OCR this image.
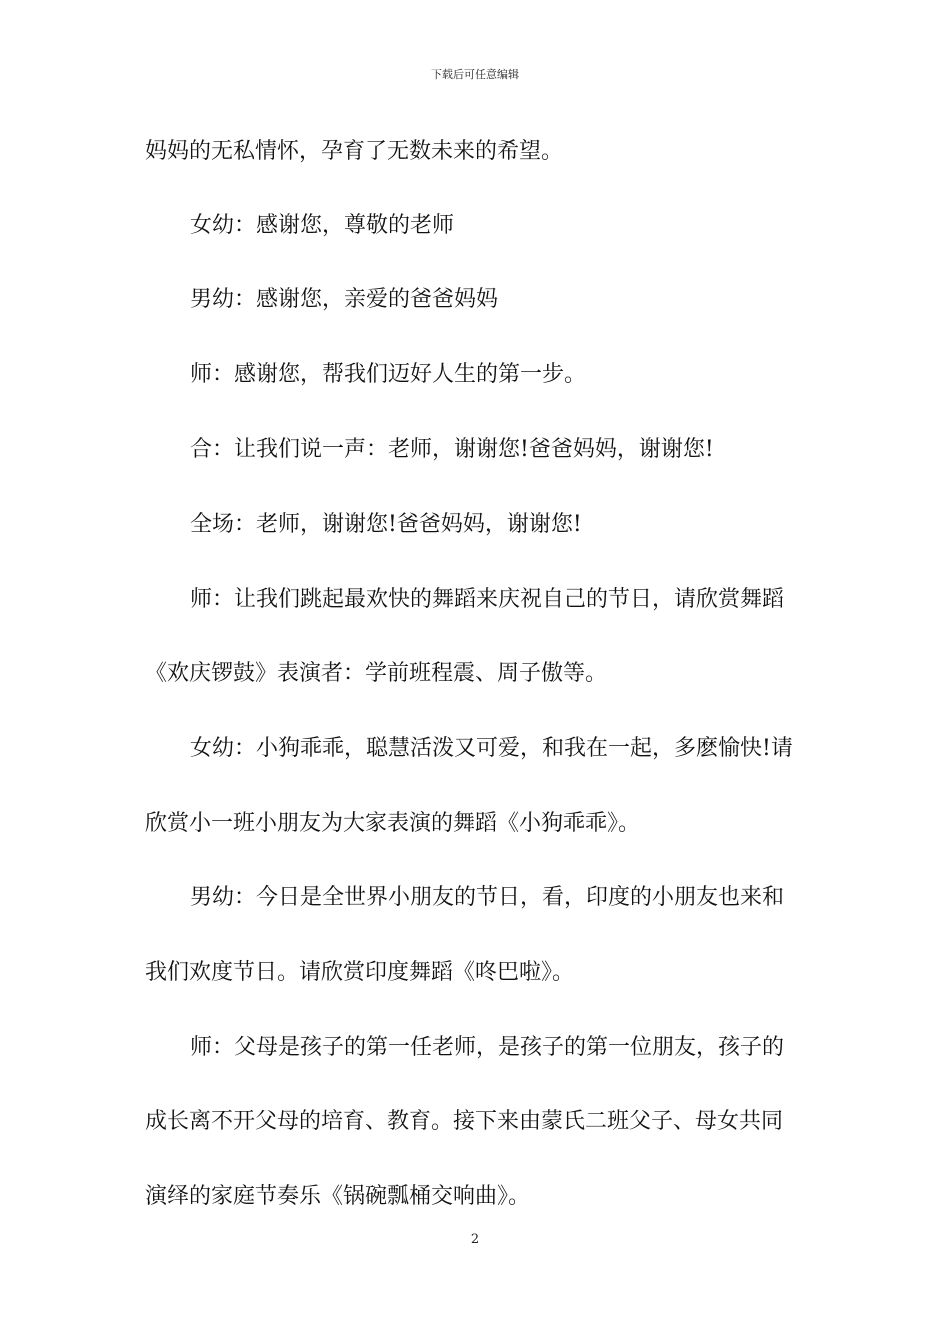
下载后可任意编辑
妈妈的无私情怀，孕育了无数未来的希望。
女幼：感谢您，尊敬的老师
男幼：感谢您，亲爱的爸爸妈妈
师：感谢您，帮我们迈好人生的第一步。
合：让我们说一声：老师，谢谢您!爸爸妈妈，谢谢您!
全场：老师，谢谢您!爸爸妈妈，谢谢您!
师：让我们跳起最欢快的舞蹈来庆祝自己的节日，请欣赏舞蹈
《欢庆锣鼓》表演者：学前班程震、周子傲等。
女幼：小狗乖乖，聪慧活泼又可爱，和我在一起，多麽愉快!请
欣赏小一班小朋友为大家表演的舞蹈《小狗乖乖》。
男幼：今日是全世界小朋友的节日，看，印度的小朋友也来和
我们欢度节日。请欣赏印度舞蹈《咚巴啦》。
师：父母是孩子的第一任老师，是孩子的第一位朋友，孩子的
成长离不开父母的培育、教育。接下来由蒙氏二班父子、母女共同
演绎的家庭节奏乐《锅碗瓢桶交响曲》。
2
